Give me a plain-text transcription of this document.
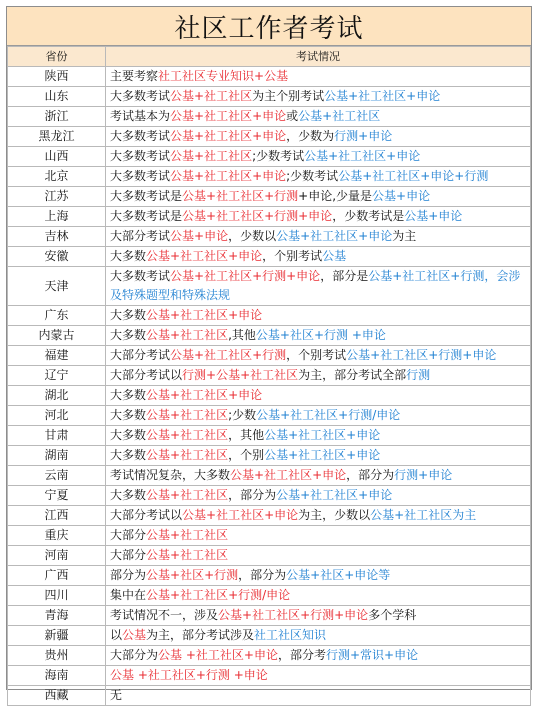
社区工作者考试
省份	考试情况
陕西	主要考察社工社区专业知识+公基
山东	大多数考试公基+社工社区为主个别考试公基+社工社区+申论
浙江	考试基本为公基+社工社区+申论或公基+社工社区
黑龙江	大多数考试公基+社工社区+申论，少数为行测+申论
山西	大多数考试公基+社工社区;少数考试公基+社工社区+申论
北京	大多数考试公基+社工社区+申论;少数考试公基+社工社区+申论+行测
江苏	大多数考试是公基+社工社区+行测+申论,少量是公基+申论
上海	大多数考试是公基+社工社区+行测+申论，少数考试是公基+申论
吉林	大部分考试公基+申论，少数以公基+社工社区+申论为主
安徽	大多数公基+社工社区+申论，个别考试公基
天津	大多数考试公基+社工社区+行测+申论，部分是公基+社工社区+行测，会涉及特殊题型和特殊法规
广东	大多数公基+社工社区+申论
内蒙古	大多数公基+社工社区,其他公基+社区+行测 +申论
福建	大部分考试公基+社工社区+行测，个别考试公基+社工社区+行测+申论
辽宁	大部分考试以行测+公基+社工社区为主，部分考试全部行测
湖北	大多数公基+社工社区+申论
河北	大多数公基+社工社区;少数公基+社工社区+行测/申论
甘肃	大多数公基+社工社区，其他公基+社工社区+申论
湖南	大多数公基+社工社区，个别公基+社工社区+申论
云南	考试情况复杂，大多数公基+社工社区+申论，部分为行测+申论
宁夏	大多数公基+社工社区，部分为公基+社工社区+申论
江西	大部分考试以公基+社工社区+申论为主，少数以公基+社工社区为主
重庆	大部分公基+社工社区
河南	大部分公基+社工社区
广西	部分为公基+社区+行测，部分为公基+社区+申论等
四川	集中在公基+社工社区+行测/申论
青海	考试情况不一，涉及公基+社工社区+行测+申论多个学科
新疆	以公基为主，部分考试涉及社工社区知识
贵州	大部分为公基 +社工社区+申论，部分考行测+常识+申论
海南	公基 +社工社区+行测 +申论
西藏	无
